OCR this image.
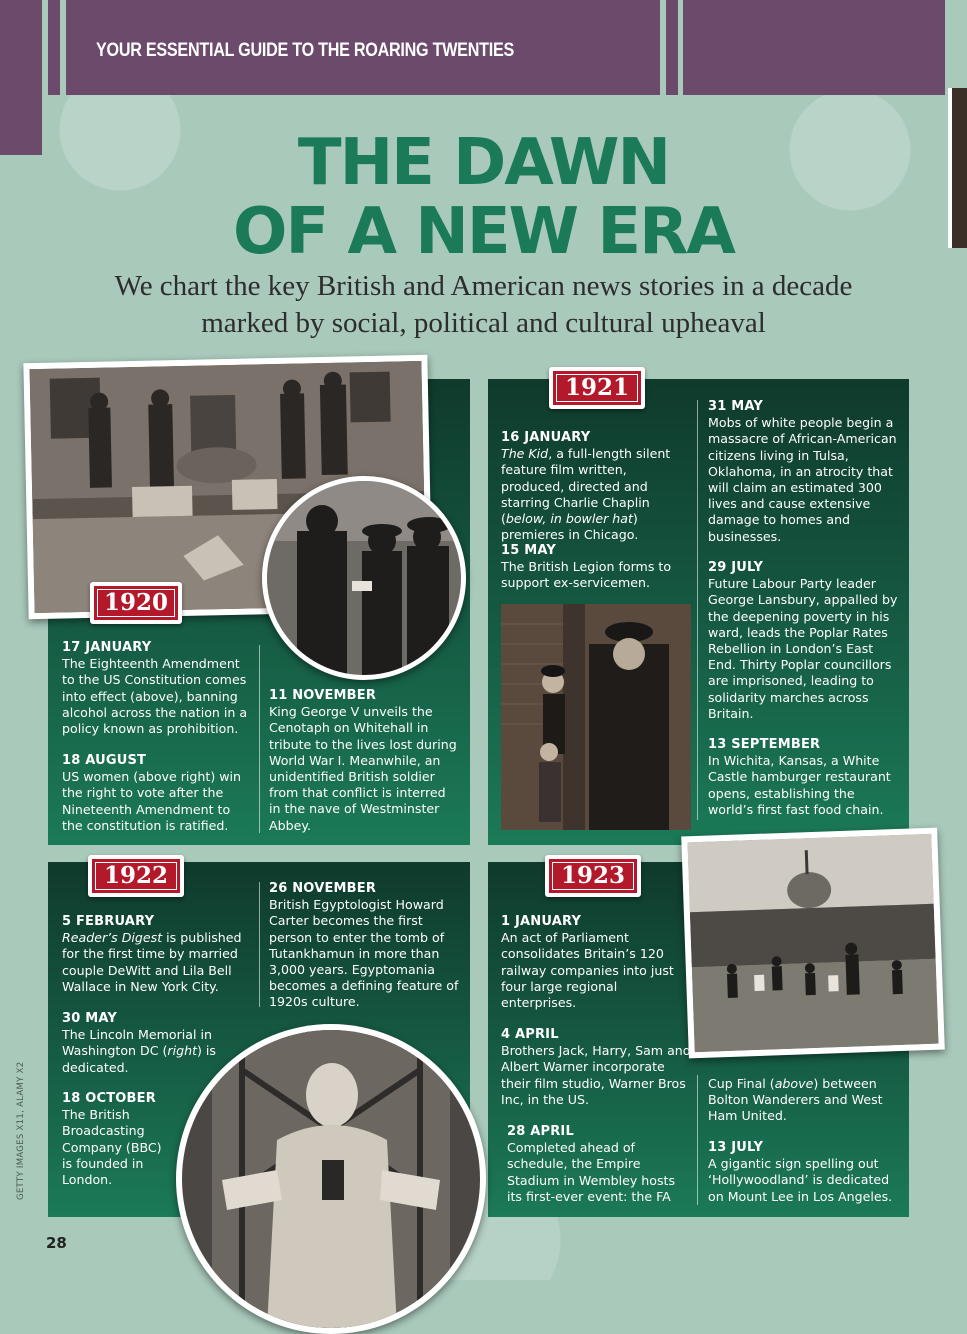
YOUR ESSENTIAL GUIDE TO THE ROARING TWENTIES
THE DAWN
OF A NEW ERA
We chart the key British and American news stories in a decade marked by social, political and cultural upheaval
1920

17 JANUARY

The Eighteenth Amendment to the US Constitution comes into effect (above), banning alcohol across the nation in a policy known as prohibition.

18 AUGUST

US women (above right) win the right to vote after the Nineteenth Amendment to the constitution is ratified.

11 NOVEMBER

King George V unveils the Cenotaph on Whitehall in tribute to the lives lost during World War I. Meanwhile, an unidentified British soldier from that conflict is interred in the nave of Westminster Abbey.

1921

16 JANUARY

The Kid, a full-length silent feature film written, produced, directed and starring Charlie Chaplin (below, in bowler hat) premieres in Chicago.

15 MAY

The British Legion forms to support ex-servicemen.

31 MAY

Mobs of white people begin a massacre of African-American citizens living in Tulsa, Oklahoma, in an atrocity that will claim an estimated 300 lives and cause extensive damage to homes and businesses.

29 JULY

Future Labour Party leader George Lansbury, appalled by the deepening poverty in his ward, leads the Poplar Rates Rebellion in London’s East End. Thirty Poplar councillors are imprisoned, leading to solidarity marches across Britain.

13 SEPTEMBER

In Wichita, Kansas, a White Castle hamburger restaurant opens, establishing the world’s first fast food chain.

1922

5 FEBRUARY

Reader’s Digest is published for the first time by married couple DeWitt and Lila Bell Wallace in New York City.

30 MAY

The Lincoln Memorial in Washington DC (right) is dedicated.

18 OCTOBER

The British Broadcasting Company (BBC) is founded in London.

26 NOVEMBER

British Egyptologist Howard Carter becomes the first person to enter the tomb of Tutankhamun in more than 3,000 years. Egyptomania becomes a defining feature of 1920s culture.

1923

1 JANUARY

An act of Parliament consolidates Britain’s 120 railway companies into just four large regional enterprises.

4 APRIL

Brothers Jack, Harry, Sam and Albert Warner incorporate their film studio, Warner Bros Inc, in the US.

28 APRIL

Completed ahead of schedule, the Empire Stadium in Wembley hosts its first-ever event: the FA

Cup Final (above) between Bolton Wanderers and West Ham United.

13 JULY

A gigantic sign spelling out ‘Hollywoodland’ is dedicated on Mount Lee in Los Angeles.

GETTY IMAGES X11, ALAMY X2
28
